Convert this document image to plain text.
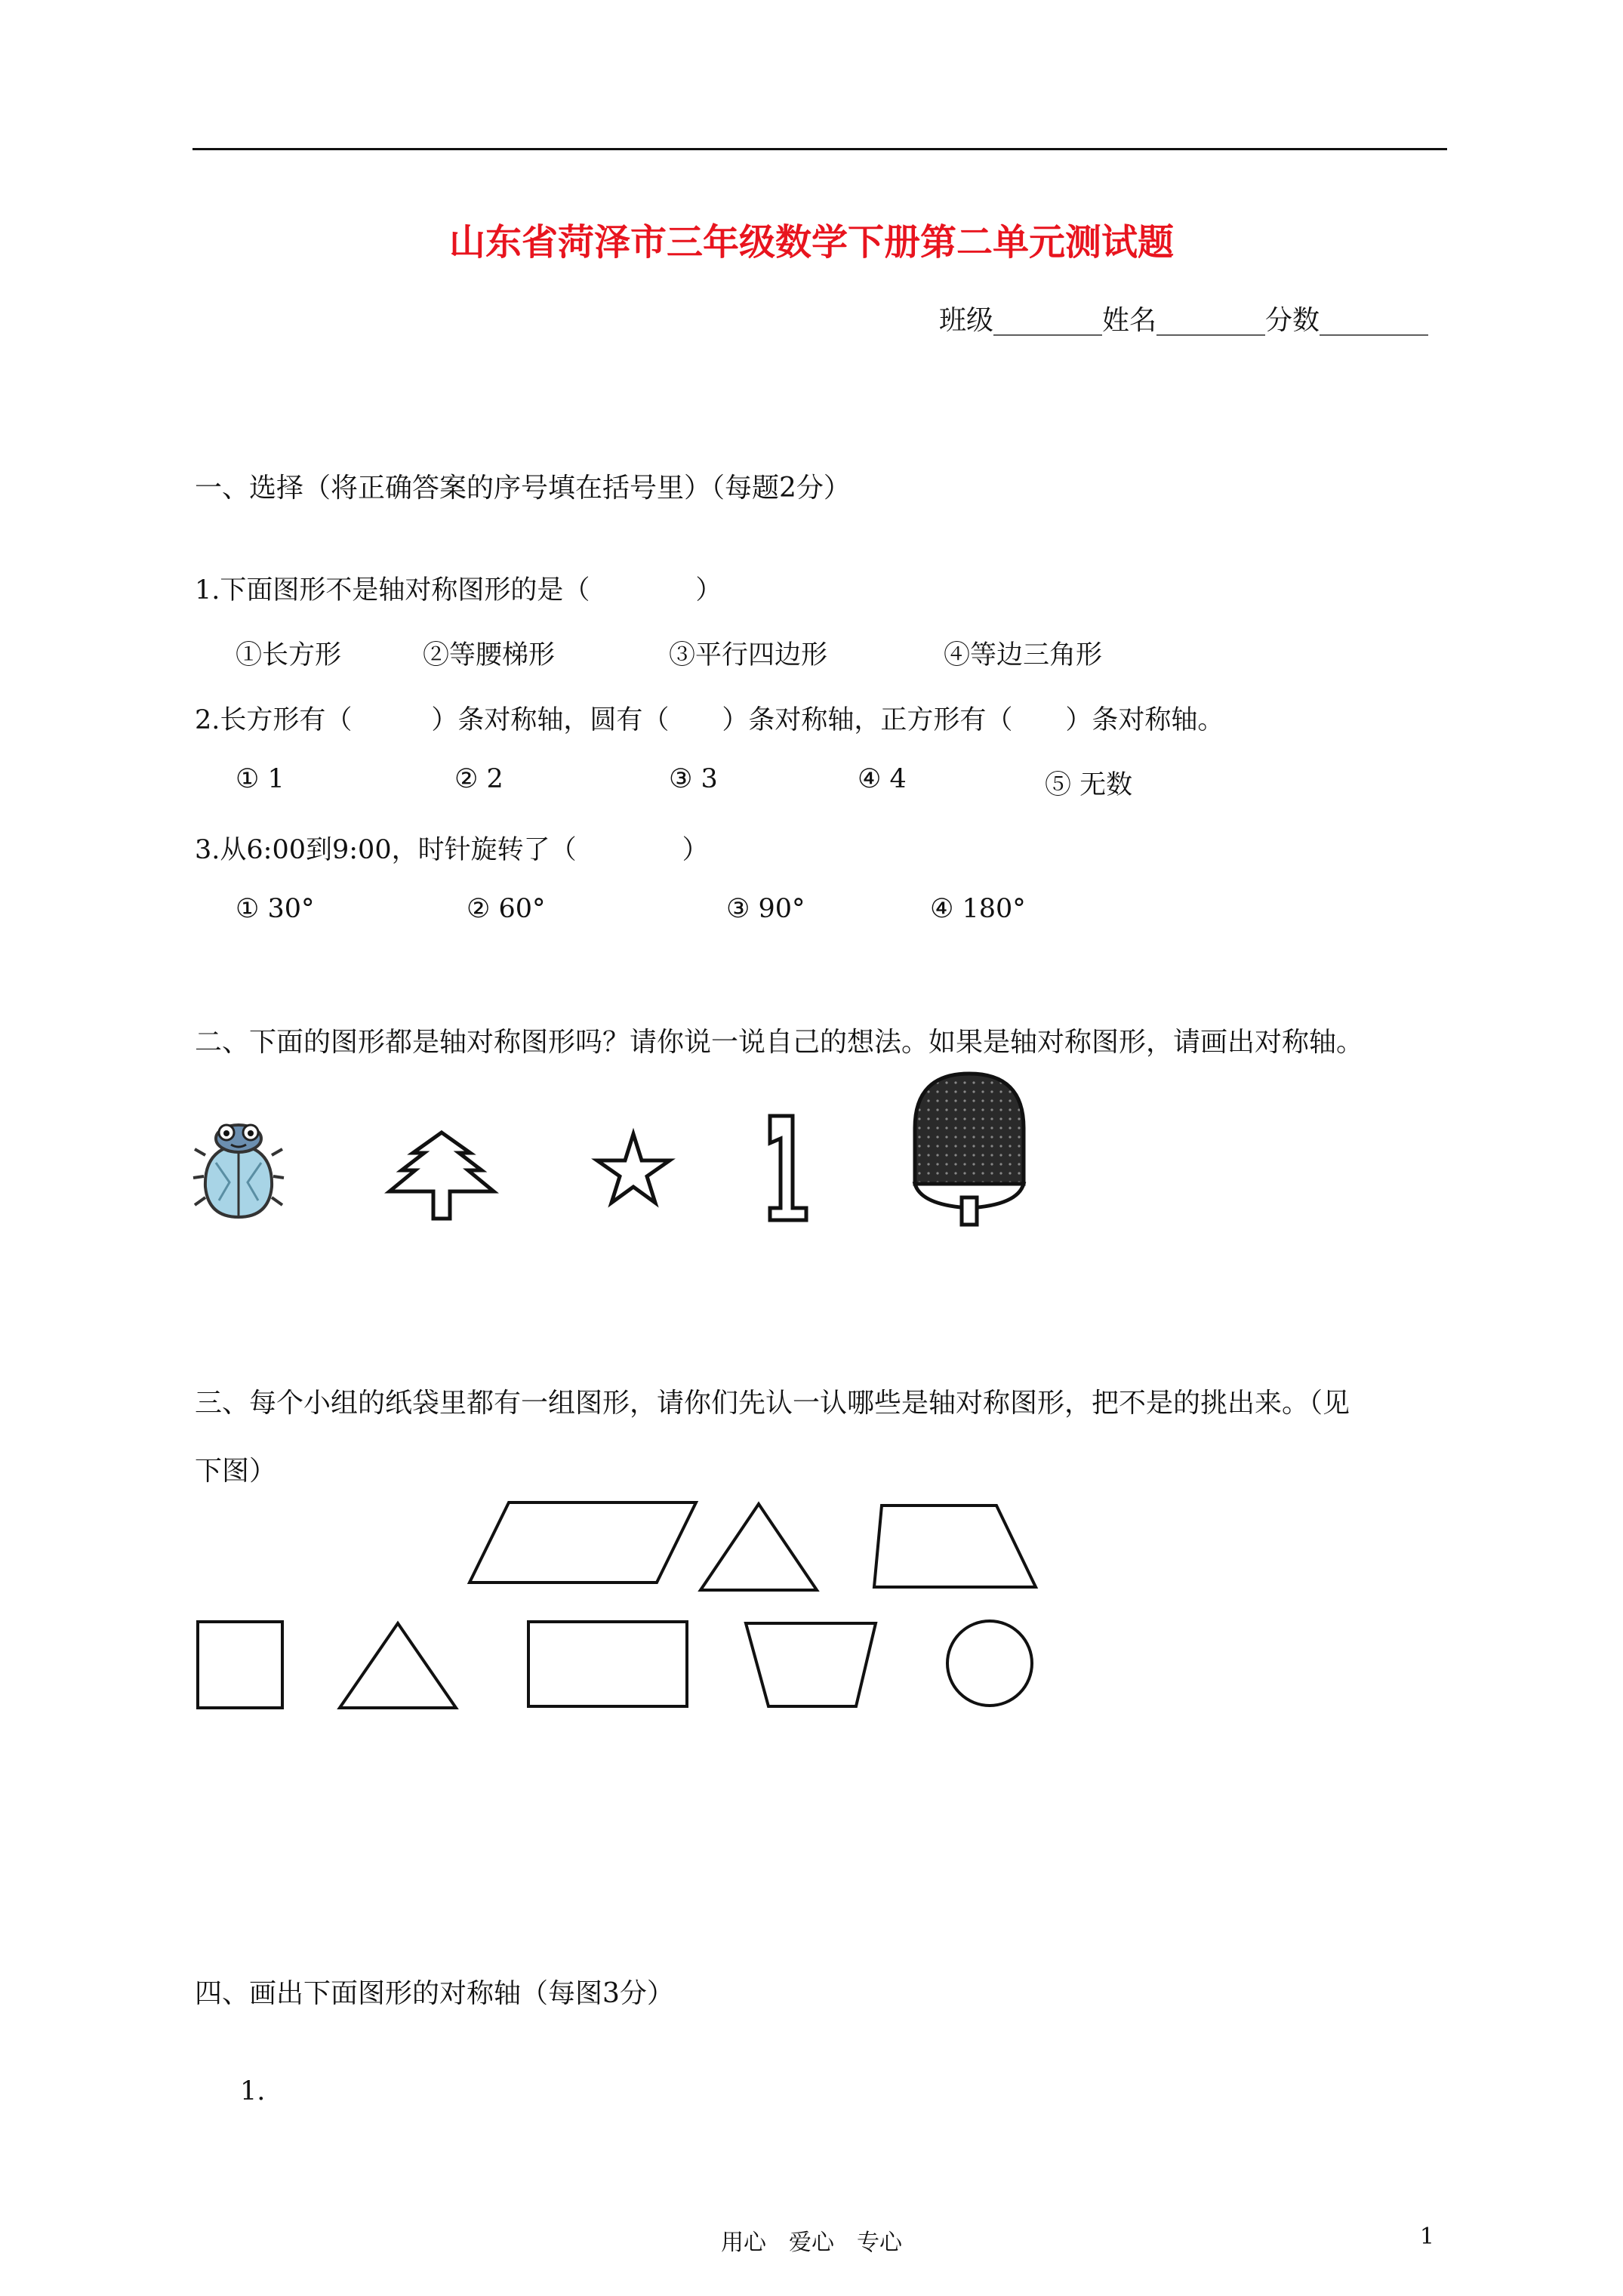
山东省菏泽市三年级数学下册第二单元测试题
班级________姓名________分数________
一、选择（将正确答案的序号填在括号里）（每题2分）
1.下面图形不是轴对称图形的是（　　　　）
①长方形	②等腰梯形	③平行四边形	④等边三角形
2.长方形有（　　　）条对称轴，圆有（　　）条对称轴，正方形有（　　）条对称轴。
① 1	② 2	③ 3	④ 4	⑤ 无数
3.从6:00到9:00，时针旋转了（　　　　）
① 30°	② 60°	③ 90°	④ 180°
二、下面的图形都是轴对称图形吗？请你说一说自己的想法。如果是轴对称图形，请画出对称轴。
三、每个小组的纸袋里都有一组图形，请你们先认一认哪些是轴对称图形，把不是的挑出来。（见
下图）
四、画出下面图形的对称轴（每图3分）
1.
用心　爱心　专心	1
